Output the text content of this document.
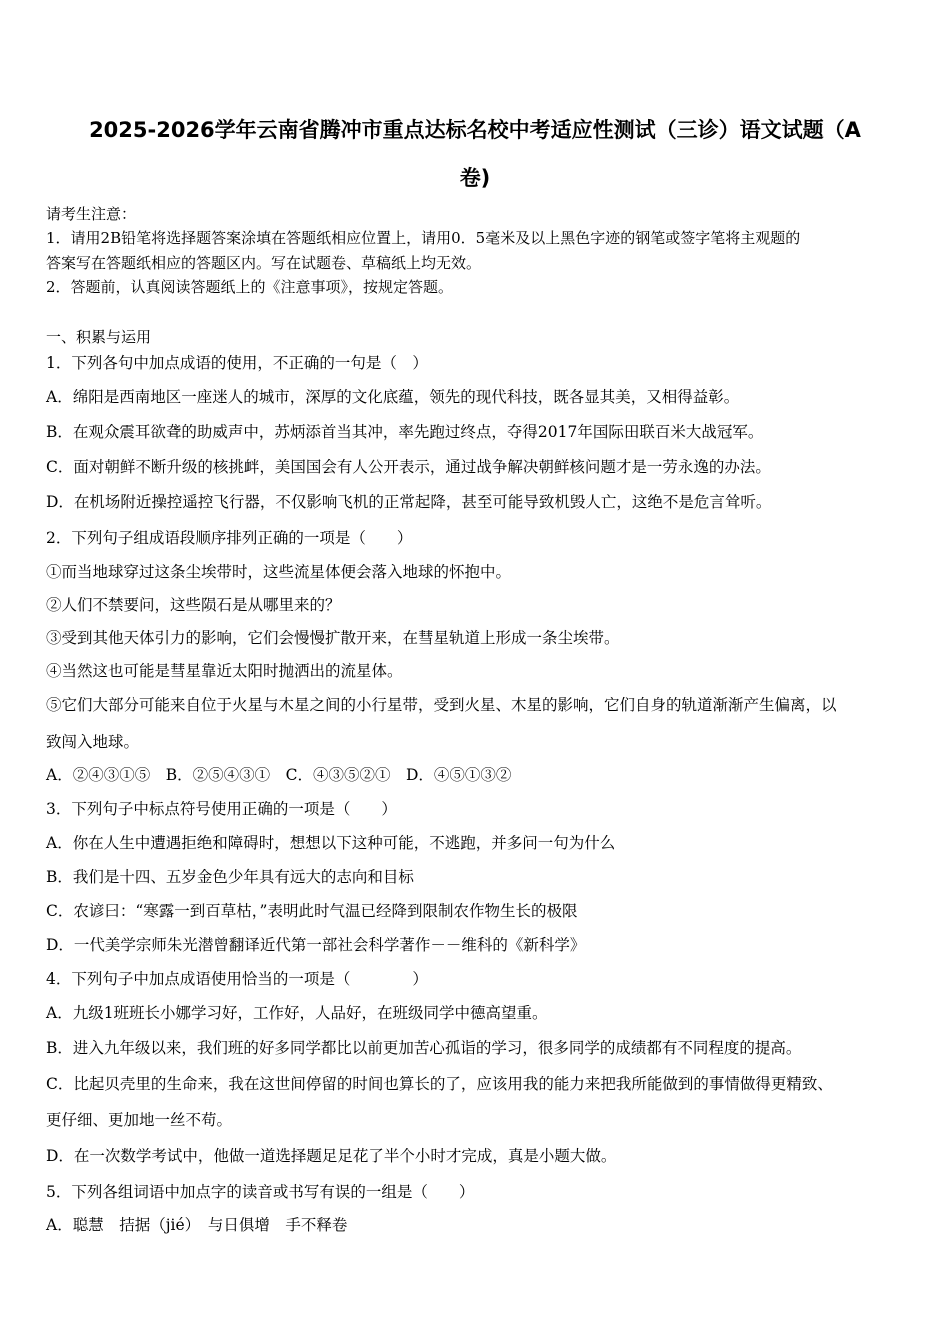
2025-2026学年云南省腾冲市重点达标名校中考适应性测试（三诊）语文试题（A
卷)
请考生注意：
1．请用2B铅笔将选择题答案涂填在答题纸相应位置上，请用0．5毫米及以上黑色字迹的钢笔或签字笔将主观题的
答案写在答题纸相应的答题区内。写在试题卷、草稿纸上均无效。
2．答题前，认真阅读答题纸上的《注意事项》，按规定答题。
一、积累与运用
1．下列各句中加点成语的使用，不正确的一句是（　）
A．绵阳是西南地区一座迷人的城市，深厚的文化底蕴，领先的现代科技，既各显其美，又相得益彰。
B．在观众震耳欲聋的助威声中，苏炳添首当其冲，率先跑过终点，夺得2017年国际田联百米大战冠军。
C．面对朝鲜不断升级的核挑衅，美国国会有人公开表示，通过战争解决朝鲜核问题才是一劳永逸的办法。
D．在机场附近操控遥控飞行器，不仅影响飞机的正常起降，甚至可能导致机毁人亡，这绝不是危言耸听。
2．下列句子组成语段顺序排列正确的一项是（　　）
①而当地球穿过这条尘埃带时，这些流星体便会落入地球的怀抱中。
②人们不禁要问，这些陨石是从哪里来的？
③受到其他天体引力的影响，它们会慢慢扩散开来，在彗星轨道上形成一条尘埃带。
④当然这也可能是彗星靠近太阳时抛洒出的流星体。
⑤它们大部分可能来自位于火星与木星之间的小行星带，受到火星、木星的影响，它们自身的轨道渐渐产生偏离，以
致闯入地球。
A．②④③①⑤　B．②⑤④③①　C．④③⑤②①　D．④⑤①③②
3．下列句子中标点符号使用正确的一项是（　　）
A．你在人生中遭遇拒绝和障碍时，想想以下这种可能，不逃跑，并多问一句为什么
B．我们是十四、五岁金色少年具有远大的志向和目标
C．农谚曰：“寒露一到百草枯，”表明此时气温已经降到限制农作物生长的极限
D．一代美学宗师朱光潜曾翻译近代第一部社会科学著作－－维科的《新科学》
4．下列句子中加点成语使用恰当的一项是（　　　　）
A．九级1班班长小娜学习好，工作好，人品好，在班级同学中德高望重。
B．进入九年级以来，我们班的好多同学都比以前更加苦心孤诣的学习，很多同学的成绩都有不同程度的提高。
C．比起贝壳里的生命来，我在这世间停留的时间也算长的了，应该用我的能力来把我所能做到的事情做得更精致、
更仔细、更加地一丝不苟。
D．在一次数学考试中，他做一道选择题足足花了半个小时才完成，真是小题大做。
5．下列各组词语中加点字的读音或书写有误的一组是（　　）
A．聪慧　拮据（jié）　与日俱增　手不释卷
